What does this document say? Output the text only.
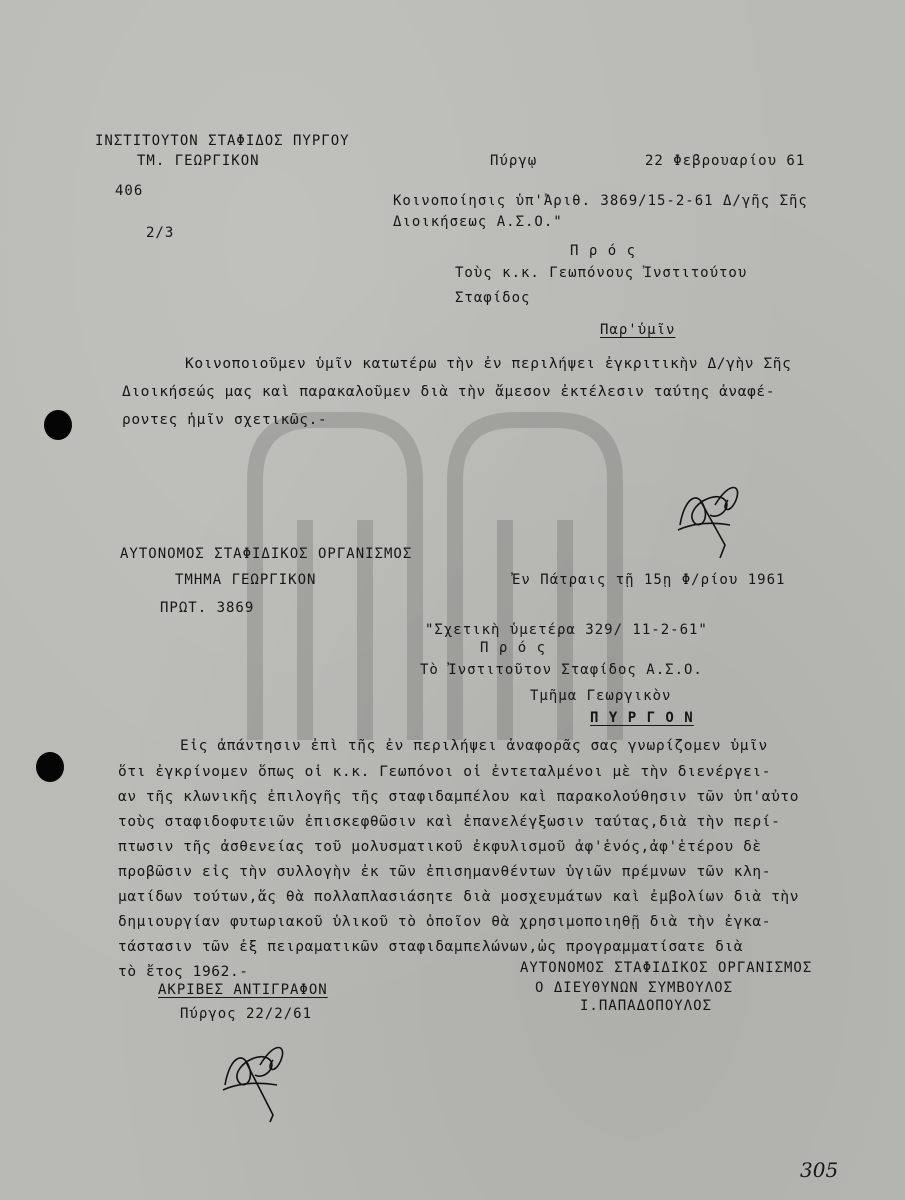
ΙΝΣΤΙΤΟΥΤΟΝ ΣΤΑΦΙΔΟΣ ΠΥΡΓΟΥ
ΤΜ. ΓΕΩΡΓΙΚΟΝ	Πύργῳ	22 Φεβρουαρίου 61
406
Κοινοποίησις ὑπ'Ἀριθ. 3869/15-2-61 Δ/γῆς Σῆς
2/3
Διοικήσεως Α.Σ.Ο."
Π ρ ό ς
Τοὺς κ.κ. Γεωπόνους Ἰνστιτούτου
Σταφίδος
Παρ'ὑμῖν
Κοινοποιοῦμεν ὑμῖν κατωτέρω τὴν ἐν περιλήψει ἐγκριτικὴν Δ/γὴν Σῆς
Διοικήσεώς μας καὶ παρακαλοῦμεν διὰ τὴν ἄμεσον ἐκτέλεσιν ταύτης ἀναφέ-
ροντες ἡμῖν σχετικῶς.-
ΑΥΤΟΝΟΜΟΣ ΣΤΑΦΙΔΙΚΟΣ ΟΡΓΑΝΙΣΜΟΣ
ΤΜΗΜΑ ΓΕΩΡΓΙΚΟΝ	Ἐν Πάτραις τῇ 15ῃ Φ/ρίου 1961
ΠΡΩΤ. 3869
"Σχετικὴ ὑμετέρα 329/ 11-2-61"
Π ρ ό ς
Τὸ Ἰνστιτοῦτον Σταφίδος Α.Σ.Ο.
Τμῆμα Γεωργικὸν
Π Υ Ρ Γ Ο Ν
Εἰς ἀπάντησιν ἐπὶ τῆς ἐν περιλήψει ἀναφορᾶς σας γνωρίζομεν ὑμῖν
ὅτι ἐγκρίνομεν ὅπως οἱ κ.κ. Γεωπόνοι οἱ ἐντεταλμένοι μὲ τὴν διενέργει-
αν τῆς κλωνικῆς ἐπιλογῆς τῆς σταφιδαμπέλου καὶ παρακολούθησιν τῶν ὑπ'αὐτο
τοὺς σταφιδοφυτειῶν ἐπισκεφθῶσιν καὶ ἐπανελέγξωσιν ταύτας,διὰ τὴν περί-
πτωσιν τῆς ἀσθενείας τοῦ μολυσματικοῦ ἐκφυλισμοῦ ἀφ'ἑνός,ἀφ'ἑτέρου δὲ
προβῶσιν εἰς τὴν συλλογὴν ἐκ τῶν ἐπισημανθέντων ὑγιῶν πρέμνων τῶν κλη-
ματίδων τούτων,ἅς θὰ πολλαπλασιάσητε διὰ μοσχευμάτων καὶ ἐμβολίων διὰ τὴν
δημιουργίαν φυτωριακοῦ ὑλικοῦ τὸ ὁποῖον θὰ χρησιμοποιηθῇ διὰ τὴν ἐγκα-
τάστασιν τῶν ἐξ πειραματικῶν σταφιδαμπελώνων,ὡς προγραμματίσατε διὰ
τὸ ἔτος 1962.-	ΑΥΤΟΝΟΜΟΣ ΣΤΑΦΙΔΙΚΟΣ ΟΡΓΑΝΙΣΜΟΣ
Ο ΔΙΕΥΘΥΝΩΝ ΣΥΜΒΟΥΛΟΣ
Ι.ΠΑΠΑΔΟΠΟΥΛΟΣ
ΑΚΡΙΒΕΣ ΑΝΤΙΓΡΑΦΟΝ
Πύργος 22/2/61
305
